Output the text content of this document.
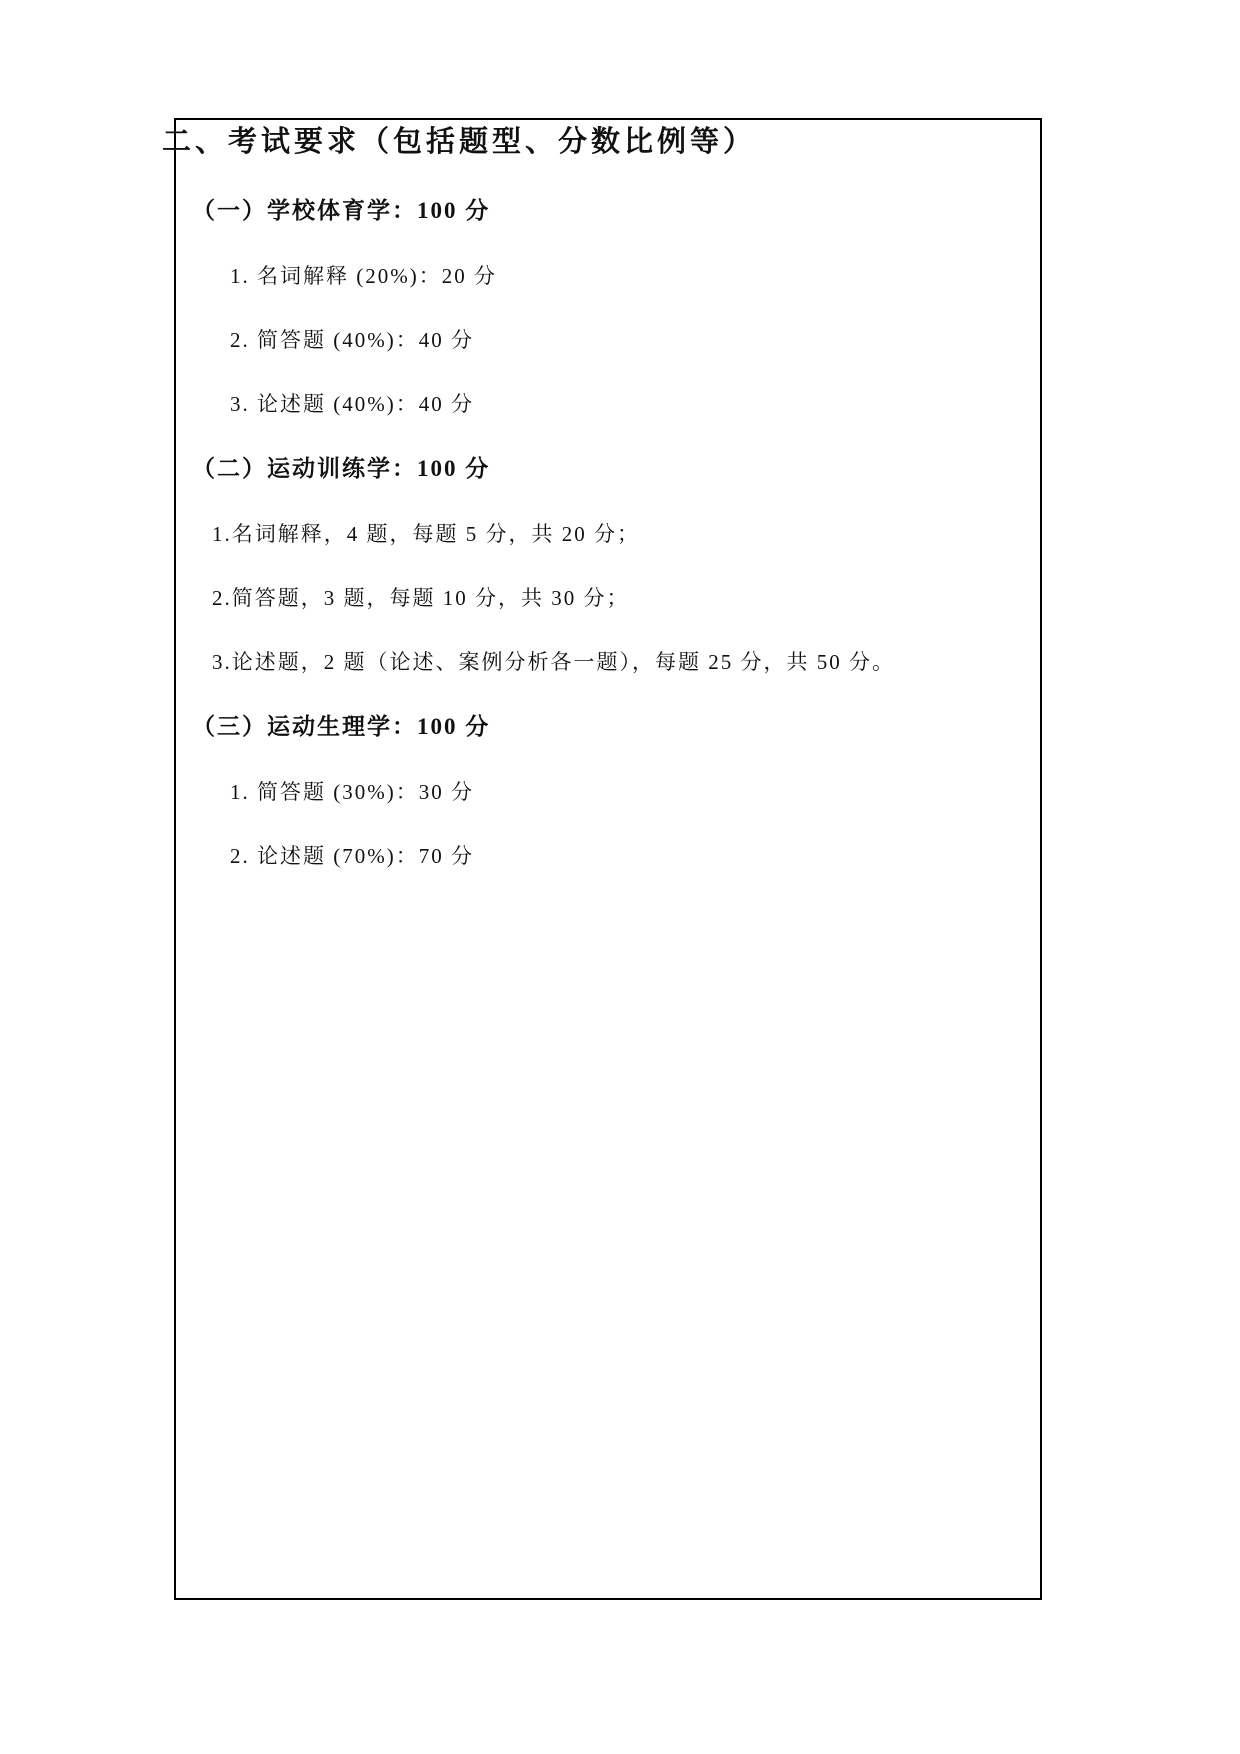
二、考试要求（包括题型、分数比例等）
（一）学校体育学：100 分
1. 名词解释 (20%)：20 分
2. 简答题 (40%)：40 分
3. 论述题 (40%)：40 分
（二）运动训练学：100 分
1.名词解释，4 题，每题 5 分，共 20 分；
2.简答题，3 题，每题 10 分，共 30 分；
3.论述题，2 题（论述、案例分析各一题），每题 25 分，共 50 分。
（三）运动生理学：100 分
1. 简答题 (30%)：30 分
2. 论述题 (70%)：70 分
